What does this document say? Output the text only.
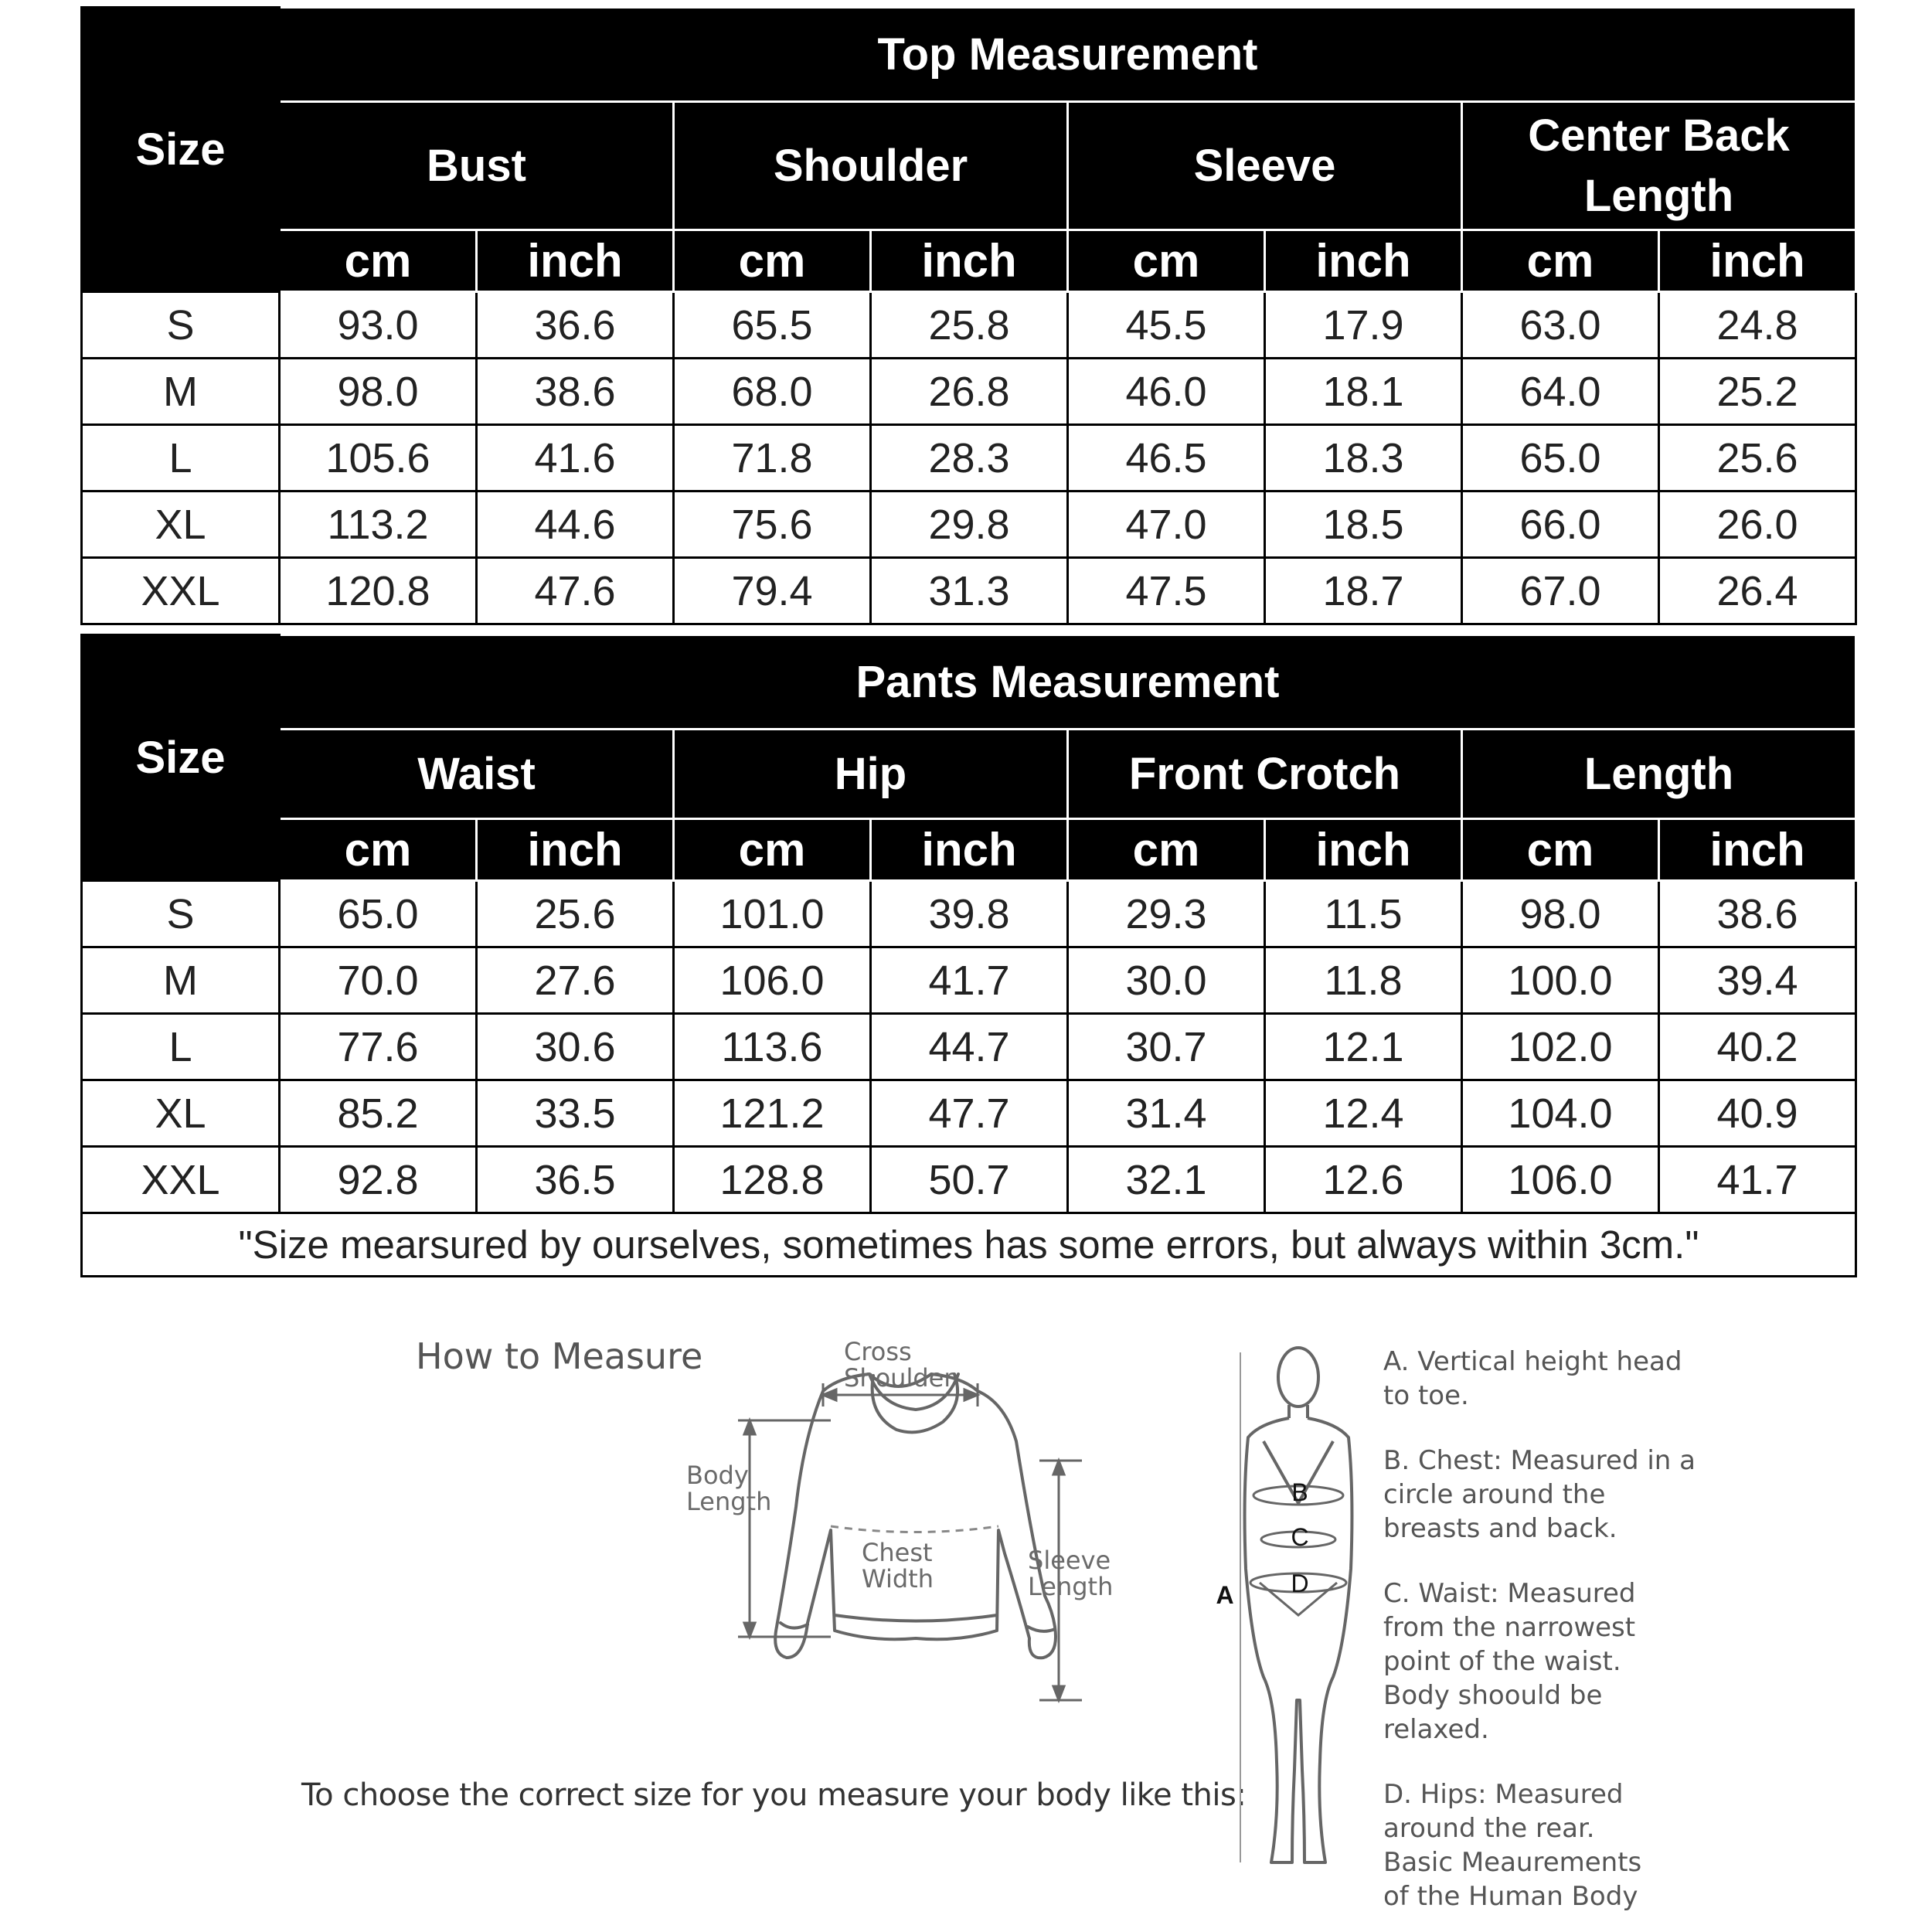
Size	Top Measurement							
	Bust		Shoulder		Sleeve		Center Back Length	
	cm	inch	cm	inch	cm	inch	cm	inch
S	93.0	36.6	65.5	25.8	45.5	17.9	63.0	24.8
M	98.0	38.6	68.0	26.8	46.0	18.1	64.0	25.2
L	105.6	41.6	71.8	28.3	46.5	18.3	65.0	25.6
XL	113.2	44.6	75.6	29.8	47.0	18.5	66.0	26.0
XXL	120.8	47.6	79.4	31.3	47.5	18.7	67.0	26.4
Size	Pants Measurement							
	Waist		Hip		Front Crotch		Length	
	cm	inch	cm	inch	cm	inch	cm	inch
S	65.0	25.6	101.0	39.8	29.3	11.5	98.0	38.6
M	70.0	27.6	106.0	41.7	30.0	11.8	100.0	39.4
L	77.6	30.6	113.6	44.7	30.7	12.1	102.0	40.2
XL	85.2	33.5	121.2	47.7	31.4	12.4	104.0	40.9
XXL	92.8	36.5	128.8	50.7	32.1	12.6	106.0	41.7
"Size mearsured by ourselves, sometimes has some errors, but always within 3cm."								
How to Measure
To choose the correct size for you measure your body like this:
Cross Shoulder
Body Length
Chest Width
Sleeve Length
B
C
D
A
A. Vertical height head
to toe.
B. Chest: Measured in a
circle around the
breasts and back.
C. Waist: Measured
from the narrowest
point of the waist.
Body shoould be
relaxed.
D. Hips: Measured
around the rear.
Basic Meaurements
of the Human Body
